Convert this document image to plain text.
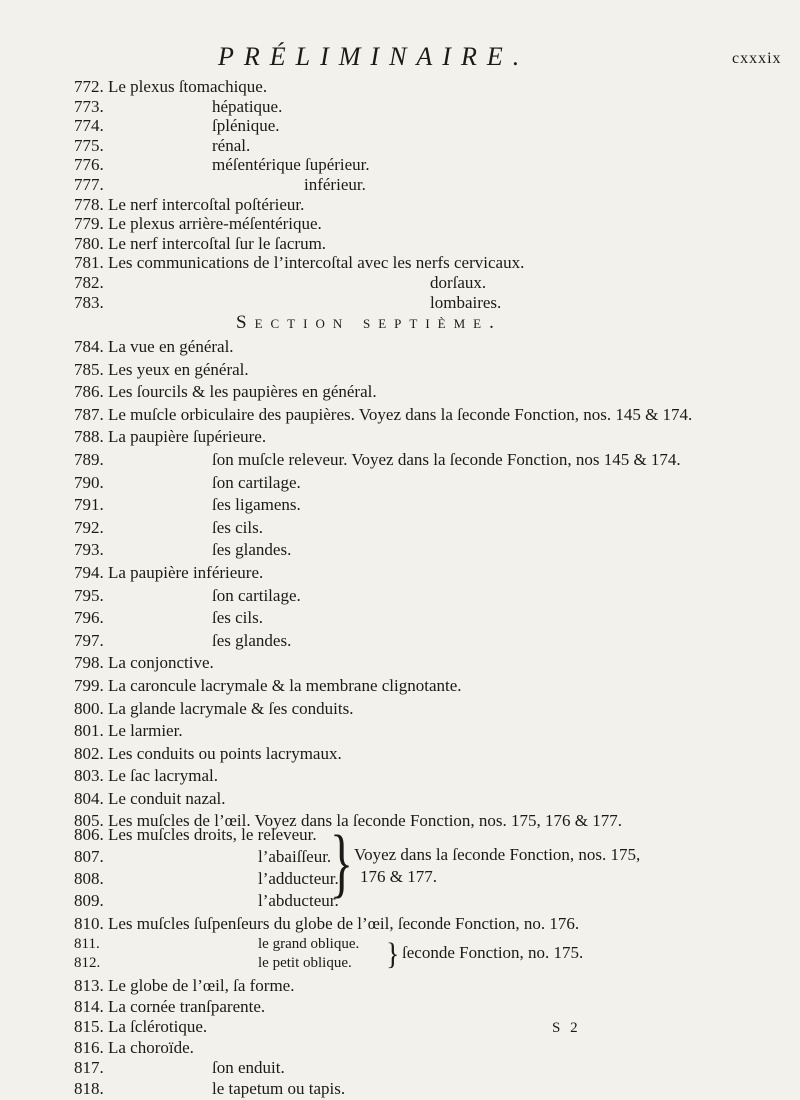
PRÉLIMINAIRE.	cxxxix
772. Le plexus ſtomachique.
773.	hépatique.
774.	ſplénique.
775.	rénal.
776.	méſentérique ſupérieur.
777.	inférieur.
778. Le nerf intercoſtal poſtérieur.
779. Le plexus arrière-méſentérique.
780. Le nerf intercoſtal ſur le ſacrum.
781. Les communications de l’intercoſtal avec les nerfs cervicaux.
782.	dorſaux.
783.	lombaires.
Section septième.
784. La vue en général.
785. Les yeux en général.
786. Les ſourcils & les paupières en général.
787. Le muſcle orbiculaire des paupières. Voyez dans la ſeconde Fonction, nos. 145 & 174.
788. La paupière ſupérieure.
789.	ſon muſcle releveur. Voyez dans la ſeconde Fonction, nos 145 & 174.
790.	ſon cartilage.
791.	ſes ligamens.
792.	ſes cils.
793.	ſes glandes.
794. La paupière inférieure.
795.	ſon cartilage.
796.	ſes cils.
797.	ſes glandes.
798. La conjonctive.
799. La caroncule lacrymale & la membrane clignotante.
800. La glande lacrymale & ſes conduits.
801. Le larmier.
802. Les conduits ou points lacrymaux.
803. Le ſac lacrymal.
804. Le conduit nazal.
805. Les muſcles de l’œil. Voyez dans la ſeconde Fonction, nos. 175, 176 & 177.
806. Les muſcles droits, le releveur.
807.	l’abaiſſeur.
808.	l’adducteur.
809.	l’abducteur.
} Voyez dans la ſeconde Fonction, nos. 175,
176 & 177.
810. Les muſcles ſuſpenſeurs du globe de l’œil, ſeconde Fonction, no. 176.
811.	le grand oblique.
812.	le petit oblique. } ſeconde Fonction, no. 175.
813. Le globe de l’œil, ſa forme.
814. La cornée tranſparente.
815. La ſclérotique.
816. La choroïde.
817.	ſon enduit.
818.	le tapetum ou tapis.
S 2
